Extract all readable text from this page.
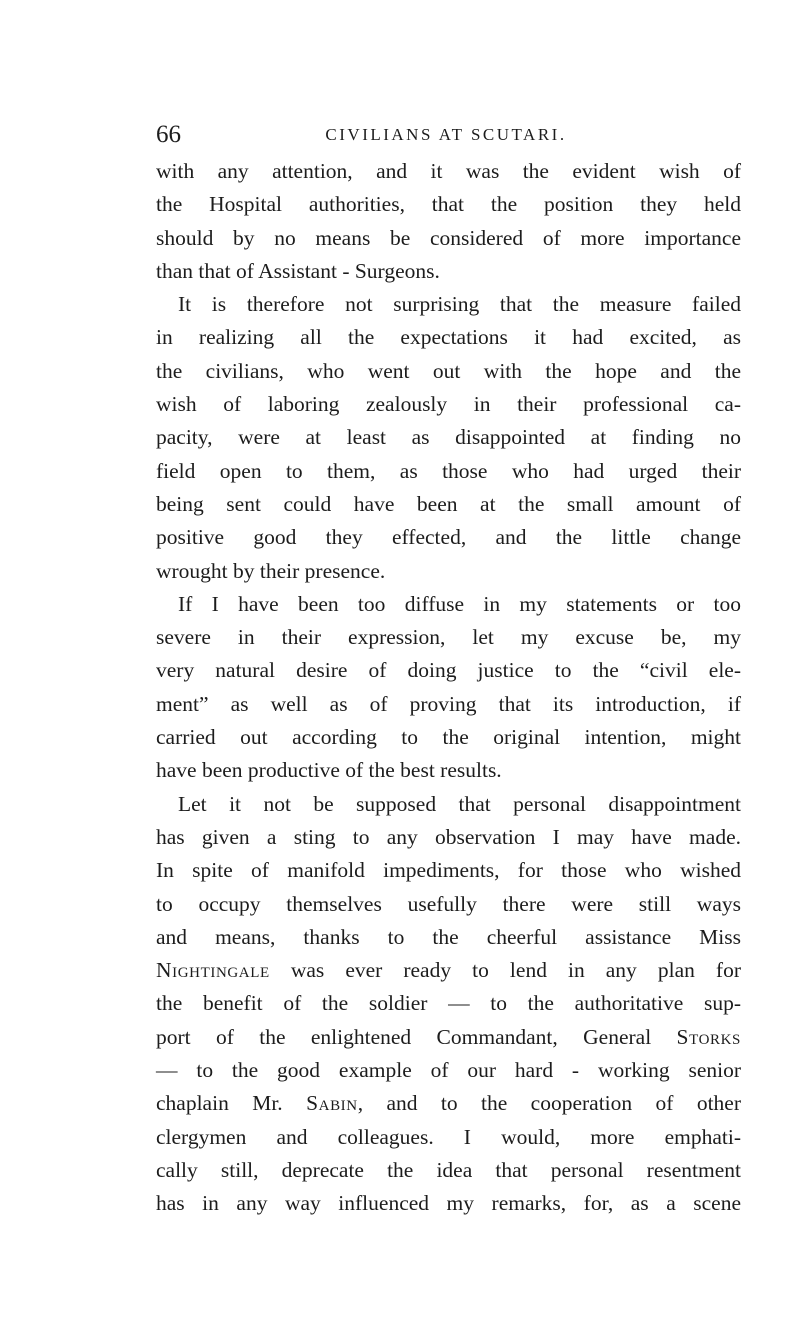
66	CIVILIANS AT SCUTARI.
with any attention, and it was the evident wish of
the Hospital authorities, that the position they held
should by no means be considered of more importance
than that of Assistant - Surgeons.
It is therefore not surprising that the measure failed
in realizing all the expectations it had excited, as
the civilians, who went out with the hope and the
wish of laboring zealously in their professional ca-
pacity, were at least as disappointed at finding no
field open to them, as those who had urged their
being sent could have been at the small amount of
positive good they effected, and the little change
wrought by their presence.
If I have been too diffuse in my statements or too
severe in their expression, let my excuse be, my
very natural desire of doing justice to the “civil ele-
ment” as well as of proving that its introduction, if
carried out according to the original intention, might
have been productive of the best results.
Let it not be supposed that personal disappointment
has given a sting to any observation I may have made.
In spite of manifold impediments, for those who wished
to occupy themselves usefully there were still ways
and means, thanks to the cheerful assistance Miss
Nightingale was ever ready to lend in any plan for
the benefit of the soldier — to the authoritative sup-
port of the enlightened Commandant, General Storks
— to the good example of our hard - working senior
chaplain Mr. Sabin, and to the cooperation of other
clergymen and colleagues. I would, more emphati-
cally still, deprecate the idea that personal resentment
has in any way influenced my remarks, for, as a scene
